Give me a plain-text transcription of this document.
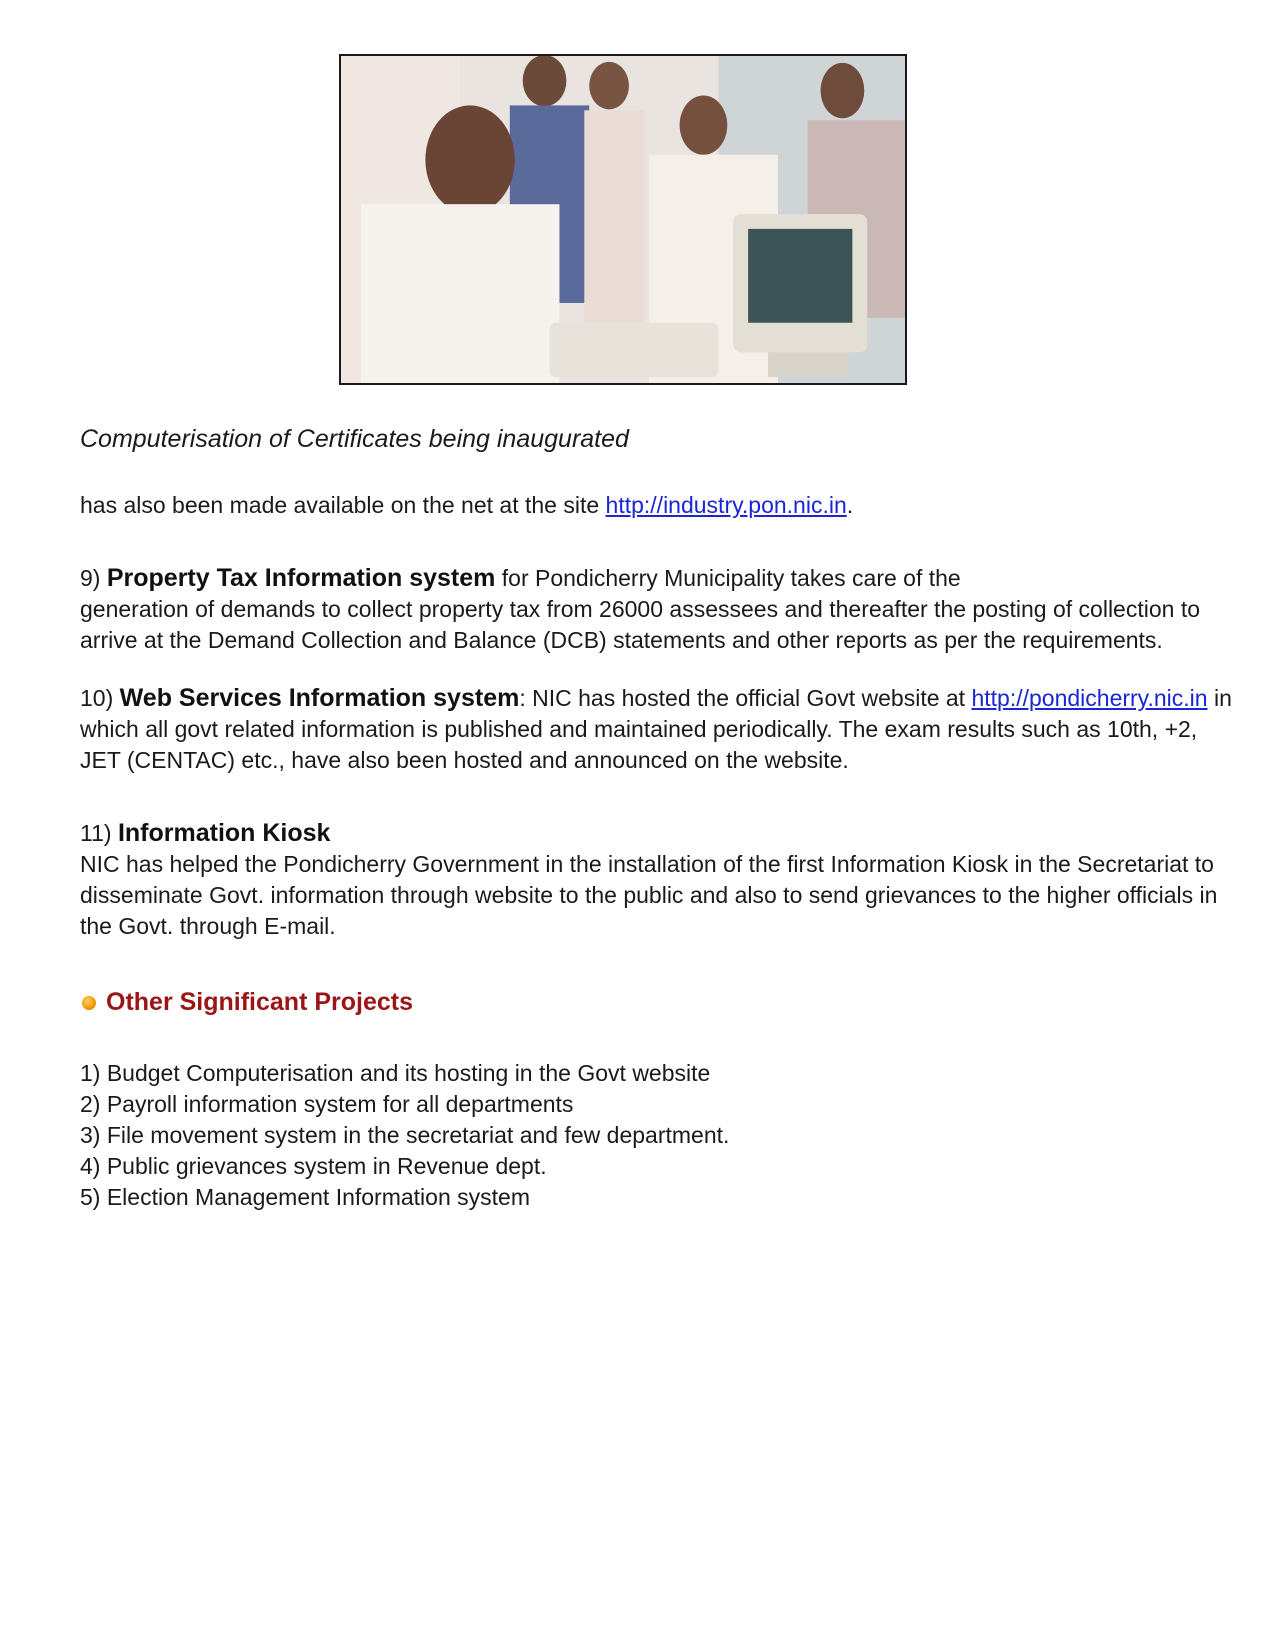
Computerisation of Certificates being inaugurated
has also been made available on the net at the site http://industry.pon.nic.in.
9) Property Tax Information system for Pondicherry Municipality takes care of the
generation of demands to collect property tax from 26000 assessees and thereafter the posting of collection to arrive at the Demand Collection and Balance (DCB) statements and other reports as per the requirements.
10) Web Services Information system: NIC has hosted the official Govt website at http://pondicherry.nic.in in which all govt related information is published and maintained periodically. The exam results such as 10th, +2, JET (CENTAC) etc., have also been hosted and announced on the website.
11) Information Kiosk
NIC has helped the Pondicherry Government in the installation of the first Information Kiosk in the Secretariat to disseminate Govt. information through website to the public and also to send grievances to the higher officials in the Govt. through E-mail.
Other Significant Projects
1) Budget Computerisation and its hosting in the Govt website
2) Payroll information system for all departments
3) File movement system in the secretariat and few department.
4) Public grievances system in Revenue dept.
5) Election Management Information system
